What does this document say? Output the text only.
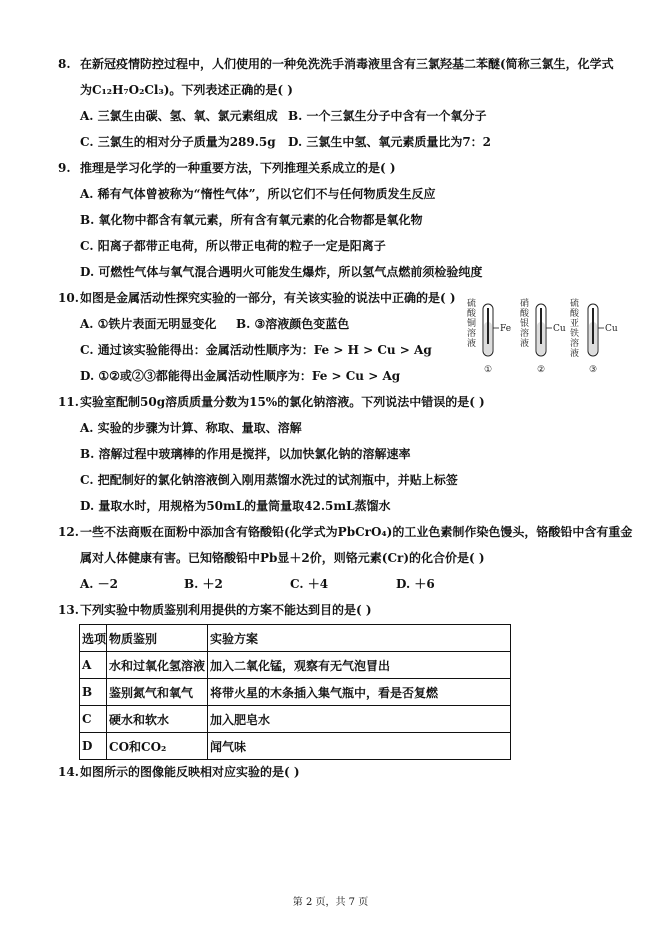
8. 在新冠疫情防控过程中，人们使用的一种免洗洗手消毒液里含有三氯羟基二苯醚(简称三氯生，化学式
为C₁₂H₇O₂Cl₃)。下列表述正确的是( )
A. 三氯生由碳、氢、氧、氯元素组成 B. 一个三氯生分子中含有一个氧分子
C. 三氯生的相对分子质量为289.5g D. 三氯生中氢、氧元素质量比为7：2
9. 推理是学习化学的一种重要方法，下列推理关系成立的是( )
A. 稀有气体曾被称为“惰性气体”，所以它们不与任何物质发生反应
B. 氧化物中都含有氧元素，所有含有氧元素的化合物都是氧化物
C. 阳离子都带正电荷，所以带正电荷的粒子一定是阳离子
D. 可燃性气体与氧气混合遇明火可能发生爆炸，所以氢气点燃前须检验纯度
10.如图是金属活动性探究实验的一部分，有关该实验的说法中正确的是( )
A. ①铁片表面无明显变化 B. ③溶液颜色变蓝色
C. 通过该实验能得出：金属活动性顺序为：Fe > H > Cu > Ag
D. ①②或②③都能得出金属活动性顺序为：Fe > Cu > Ag
硫酸铜溶液
Fe
①
硝酸银溶液
Cu
②
硫酸亚铁溶液
Cu
③
11.实验室配制50g溶质质量分数为15%的氯化钠溶液。下列说法中错误的是( )
A. 实验的步骤为计算、称取、量取、溶解
B. 溶解过程中玻璃棒的作用是搅拌，以加快氯化钠的溶解速率
C. 把配制好的氯化钠溶液倒入刚用蒸馏水洗过的试剂瓶中，并贴上标签
D. 量取水时，用规格为50mL的量筒量取42.5mL蒸馏水
12.一些不法商贩在面粉中添加含有铬酸铅(化学式为PbCrO₄)的工业色素制作染色馒头，铬酸铅中含有重金
属对人体健康有害。已知铬酸铅中Pb显＋2价，则铬元素(Cr)的化合价是( )
A. －2	B. ＋2	C. ＋4	D. ＋6
13.下列实验中物质鉴别利用提供的方案不能达到目的是( )
选项	物质鉴别	实验方案
A	水和过氧化氢溶液	加入二氧化锰，观察有无气泡冒出
B	鉴别氮气和氧气	将带火星的木条插入集气瓶中，看是否复燃
C	硬水和软水	加入肥皂水
D	CO和CO₂	闻气味
14.如图所示的图像能反映相对应实验的是( )
第 2 页，共 7 页
